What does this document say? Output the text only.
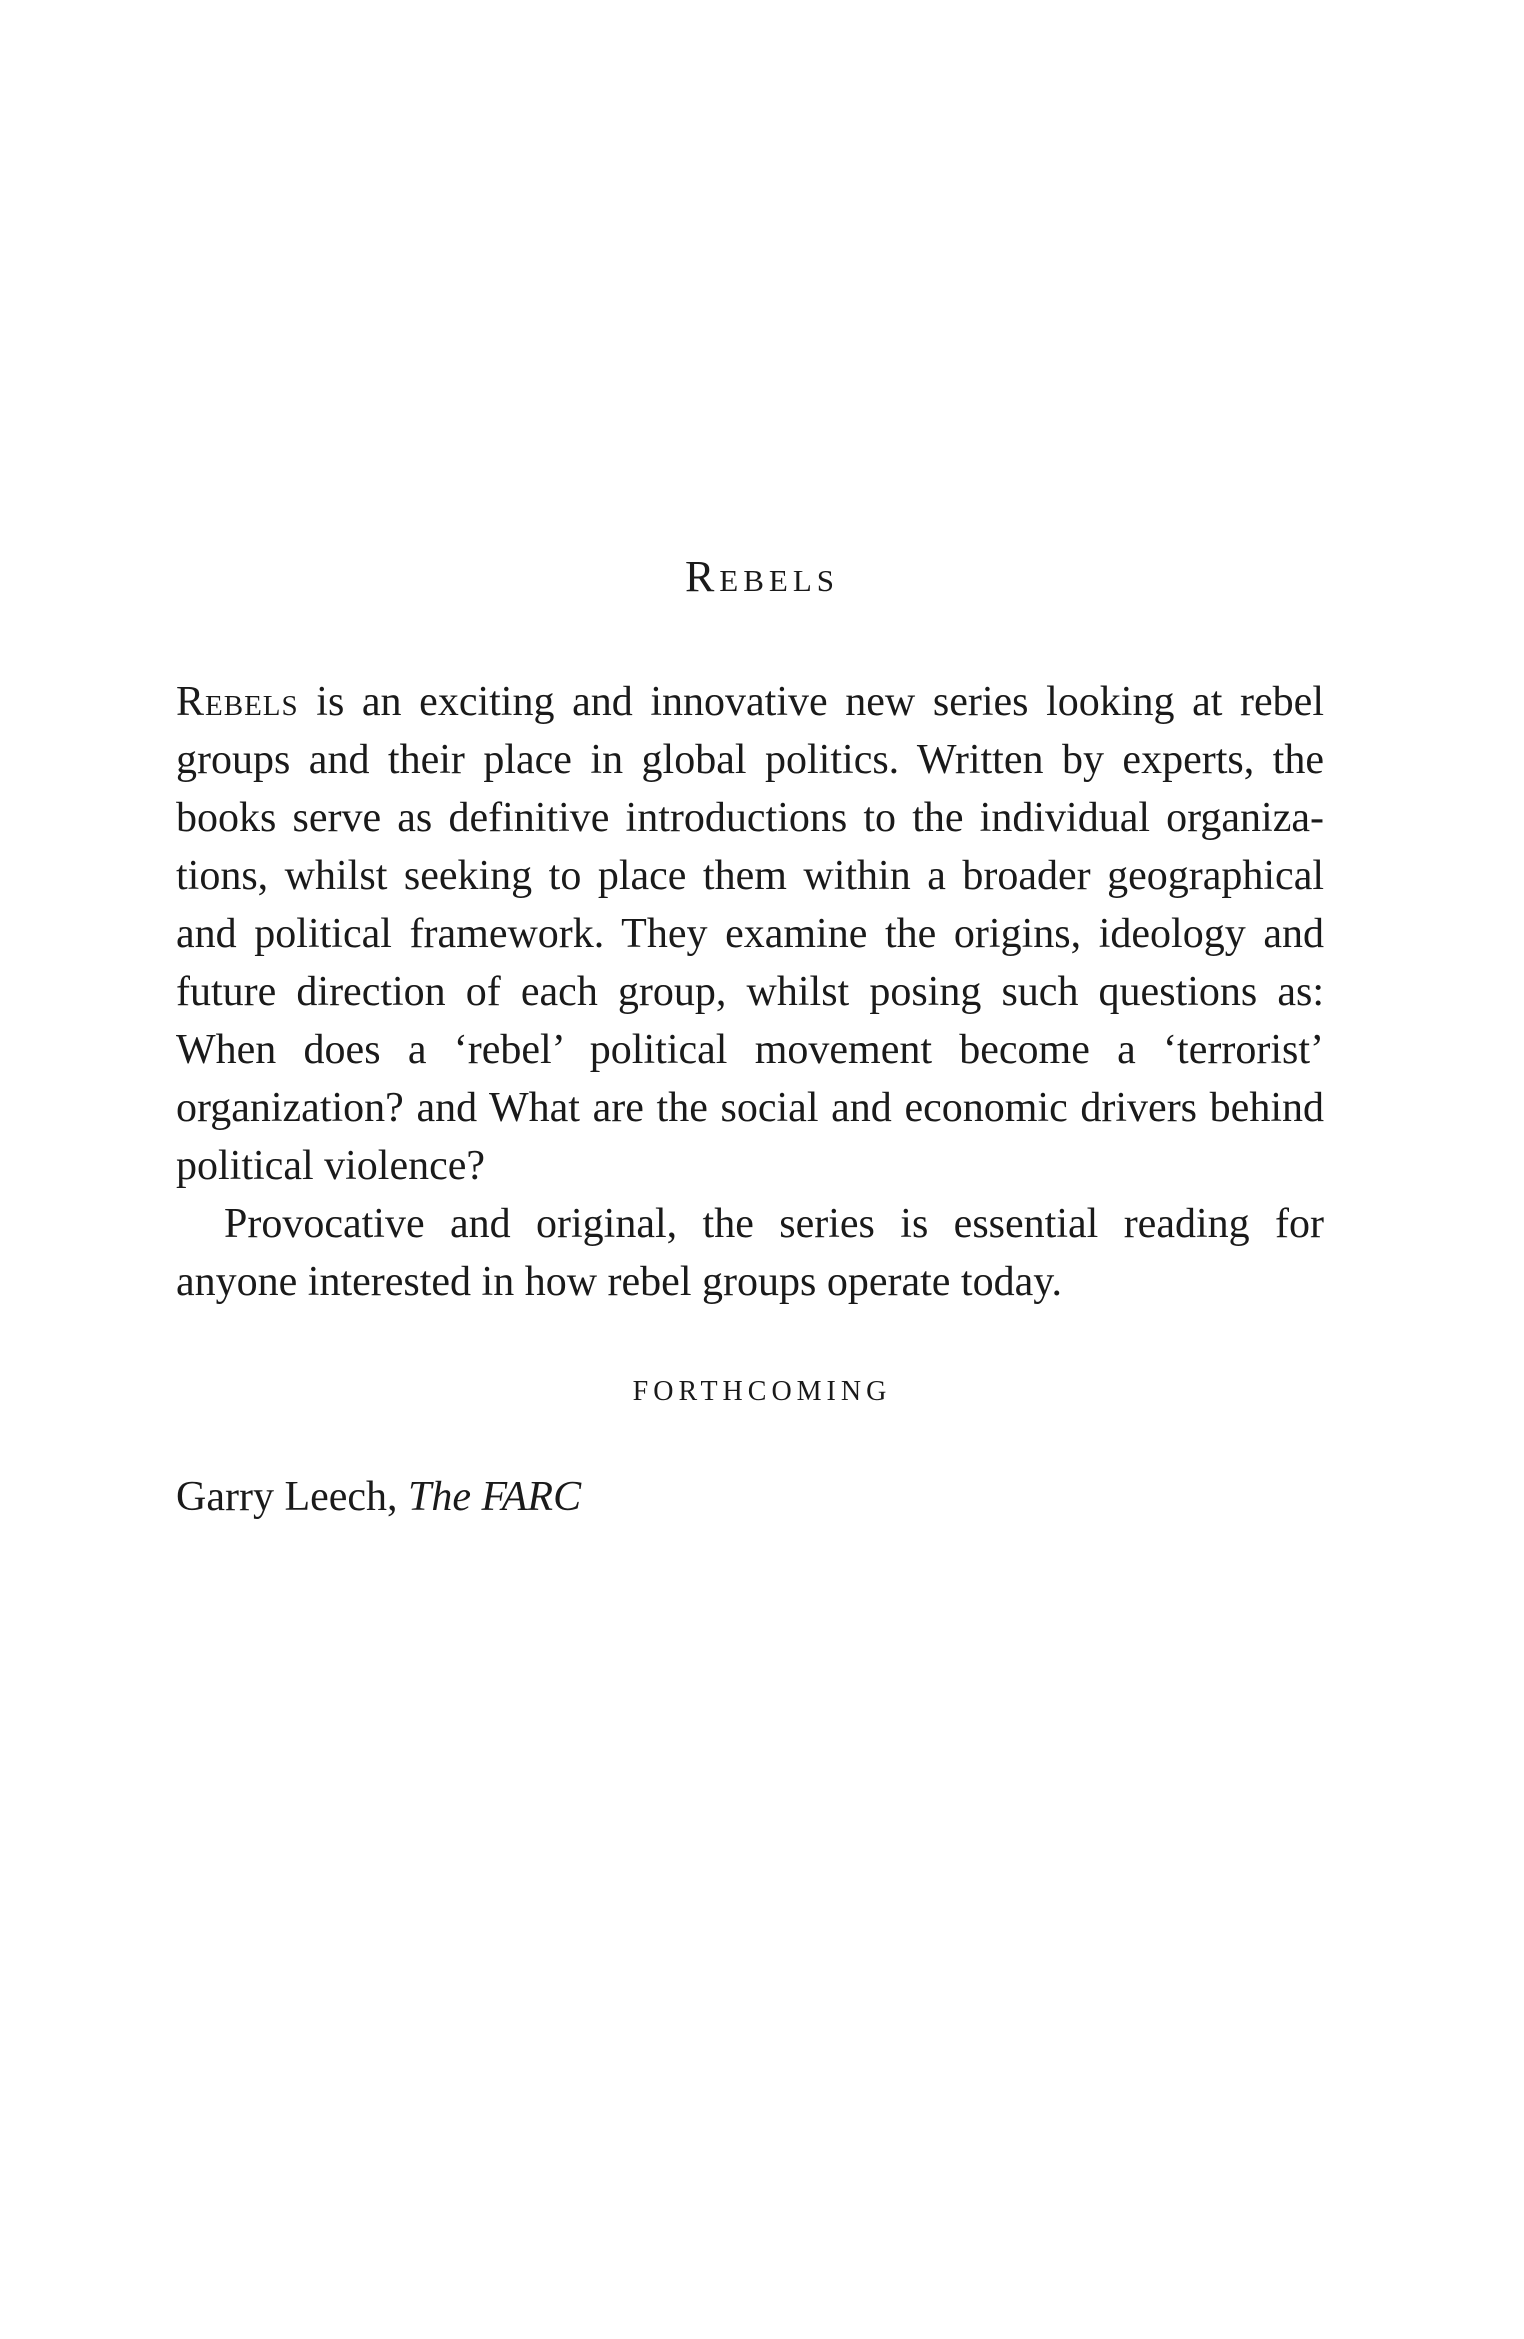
Rebels

Rebels is an exciting and innovative new series looking at rebel groups and their place in global politics. Written by experts, the books serve as definitive introductions to the individual organizations, whilst seeking to place them within a broader geographical and political framework. They examine the origins, ideology and future direction of each group, whilst posing such questions as: When does a ‘rebel’ political movement become a ‘terrorist’ organization? and What are the social and economic drivers behind political violence?

Provocative and original, the series is essential reading for anyone interested in how rebel groups operate today.

FORTHCOMING
Garry Leech, The FARC
